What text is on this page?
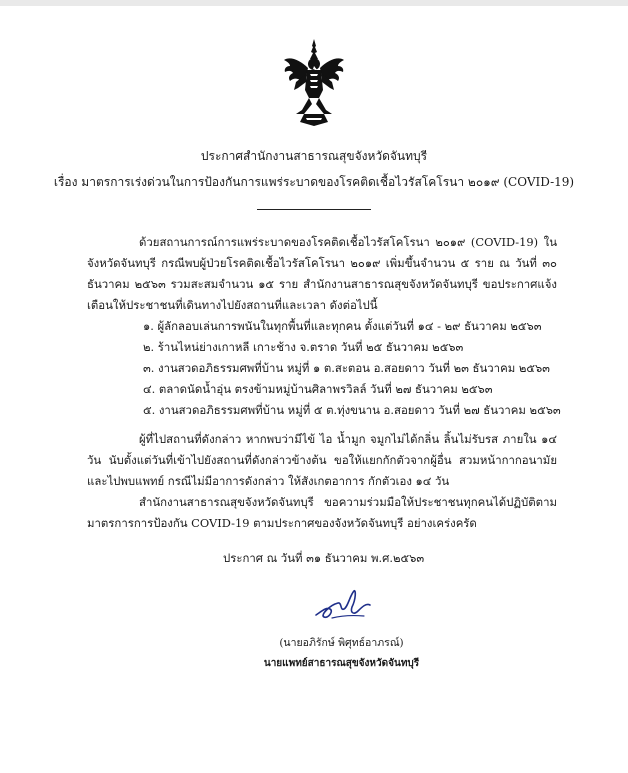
ประกาศสำนักงานสาธารณสุขจังหวัดจันทบุรี
เรื่อง มาตรการเร่งด่วนในการป้องกันการแพร่ระบาดของโรคติดเชื้อไวรัสโคโรนา ๒๐๑๙ (COVID-19)
ด้วยสถานการณ์การแพร่ระบาดของโรคติดเชื้อไวรัสโคโรนา ๒๐๑๙ (COVID-19) ในจังหวัดจันทบุรี กรณีพบผู้ป่วยโรคติดเชื้อไวรัสโคโรนา ๒๐๑๙ เพิ่มขึ้นจำนวน ๕ ราย ณ วันที่ ๓๐ ธันวาคม ๒๕๖๓ รวมสะสมจำนวน ๑๕ ราย สำนักงานสาธารณสุขจังหวัดจันทบุรี ขอประกาศแจ้งเตือนให้ประชาชนที่เดินทางไปยังสถานที่และเวลา ดังต่อไปนี้
๑. ผู้ลักลอบเล่นการพนันในทุกพื้นที่และทุกคน ตั้งแต่วันที่ ๑๔ - ๒๙ ธันวาคม ๒๕๖๓
๒. ร้านไหน่ย่างเกาหลี เกาะช้าง จ.ตราด วันที่ ๒๕ ธันวาคม ๒๕๖๓
๓. งานสวดอภิธรรมศพที่บ้าน หมู่ที่ ๑ ต.สะตอน อ.สอยดาว วันที่ ๒๓ ธันวาคม ๒๕๖๓
๔. ตลาดนัดน้ำอุ่น ตรงข้ามหมู่บ้านศิลาพรวิลล์ วันที่ ๒๗ ธันวาคม ๒๕๖๓
๕. งานสวดอภิธรรมศพที่บ้าน หมู่ที่ ๕ ต.ทุ่งขนาน อ.สอยดาว วันที่ ๒๗ ธันวาคม ๒๕๖๓
ผู้ที่ไปสถานที่ดังกล่าว หากพบว่ามีไข้ ไอ น้ำมูก จมูกไม่ได้กลิ่น ลิ้นไม่รับรส ภายใน ๑๔ วัน นับตั้งแต่วันที่เข้าไปยังสถานที่ดังกล่าวข้างต้น ขอให้แยกกักตัวจากผู้อื่น สวมหน้ากากอนามัย และไปพบแพทย์ กรณีไม่มีอาการดังกล่าว ให้สังเกตอาการ กักตัวเอง ๑๔ วัน
สำนักงานสาธารณสุขจังหวัดจันทบุรี ขอความร่วมมือให้ประชาชนทุกคนได้ปฏิบัติตามมาตรการการป้องกัน COVID-19 ตามประกาศของจังหวัดจันทบุรี อย่างเคร่งครัด
ประกาศ ณ วันที่ ๓๑ ธันวาคม พ.ศ.๒๕๖๓
(นายอภิรักษ์ พิศุทธ์อาภรณ์)
นายแพทย์สาธารณสุขจังหวัดจันทบุรี
